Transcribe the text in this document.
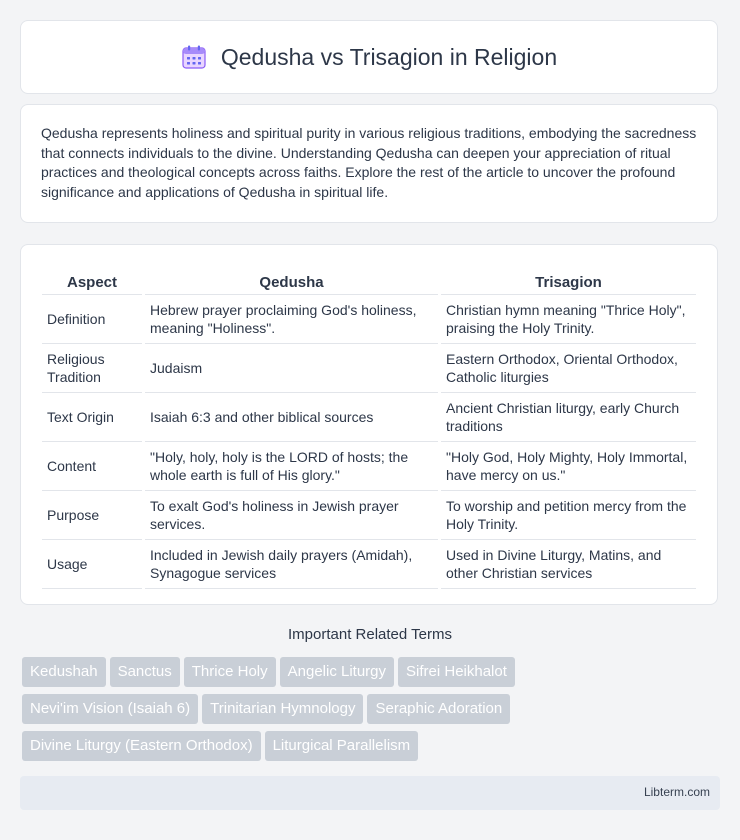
Qedusha vs Trisagion in Religion

Qedusha represents holiness and spiritual purity in various religious traditions, embodying the sacredness that connects individuals to the divine. Understanding Qedusha can deepen your appreciation of ritual practices and theological concepts across faiths. Explore the rest of the article to uncover the profound significance and applications of Qedusha in spiritual life.

Aspect	Qedusha	Trisagion
Definition	Hebrew prayer proclaiming God's holiness, meaning "Holiness".	Christian hymn meaning "Thrice Holy", praising the Holy Trinity.
Religious Tradition	Judaism	Eastern Orthodox, Oriental Orthodox, Catholic liturgies
Text Origin	Isaiah 6:3 and other biblical sources	Ancient Christian liturgy, early Church traditions
Content	"Holy, holy, holy is the LORD of hosts; the whole earth is full of His glory."	"Holy God, Holy Mighty, Holy Immortal, have mercy on us."
Purpose	To exalt God's holiness in Jewish prayer services.	To worship and petition mercy from the Holy Trinity.
Usage	Included in Jewish daily prayers (Amidah), Synagogue services	Used in Divine Liturgy, Matins, and other Christian services
Important Related Terms
Kedushah Sanctus Thrice Holy Angelic Liturgy Sifrei Heikhalot
Nevi'im Vision (Isaiah 6) Trinitarian Hymnology Seraphic Adoration
Divine Liturgy (Eastern Orthodox) Liturgical Parallelism
Libterm.com
